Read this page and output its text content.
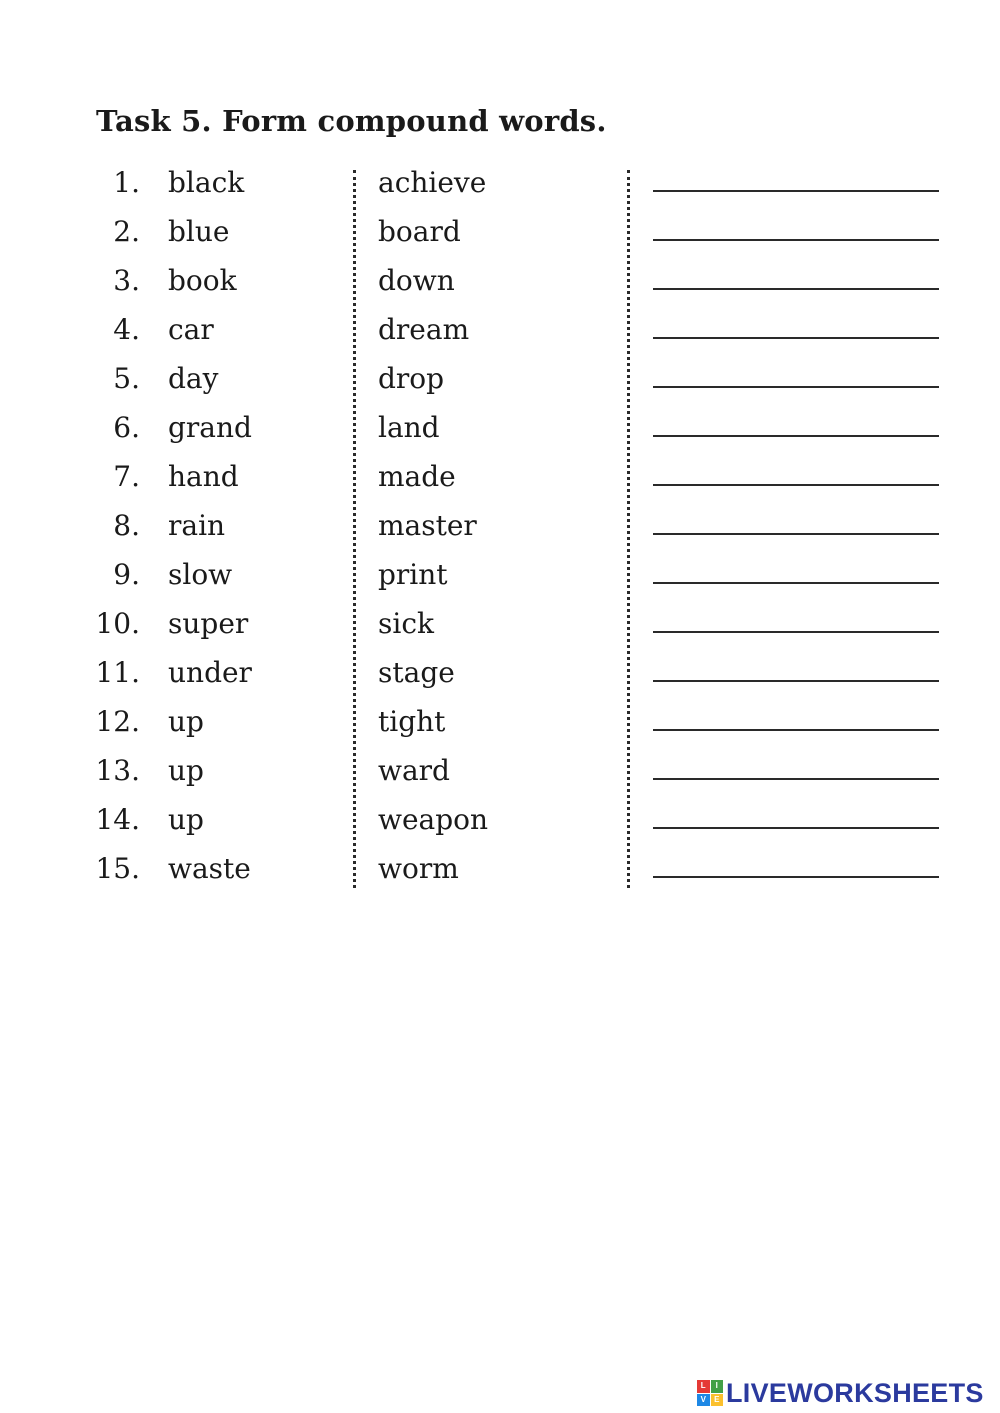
Task 5. Form compound words.
1. black	achieve
2. blue	board
3. book	down
4. car	dream
5. day	drop
6. grand	land
7. hand	made
8. rain	master
9. slow	print
10. super	sick
11. under	stage
12. up	tight
13. up	ward
14. up	weapon
15. waste	worm
L	I
V	E LIVEWORKSHEETS
